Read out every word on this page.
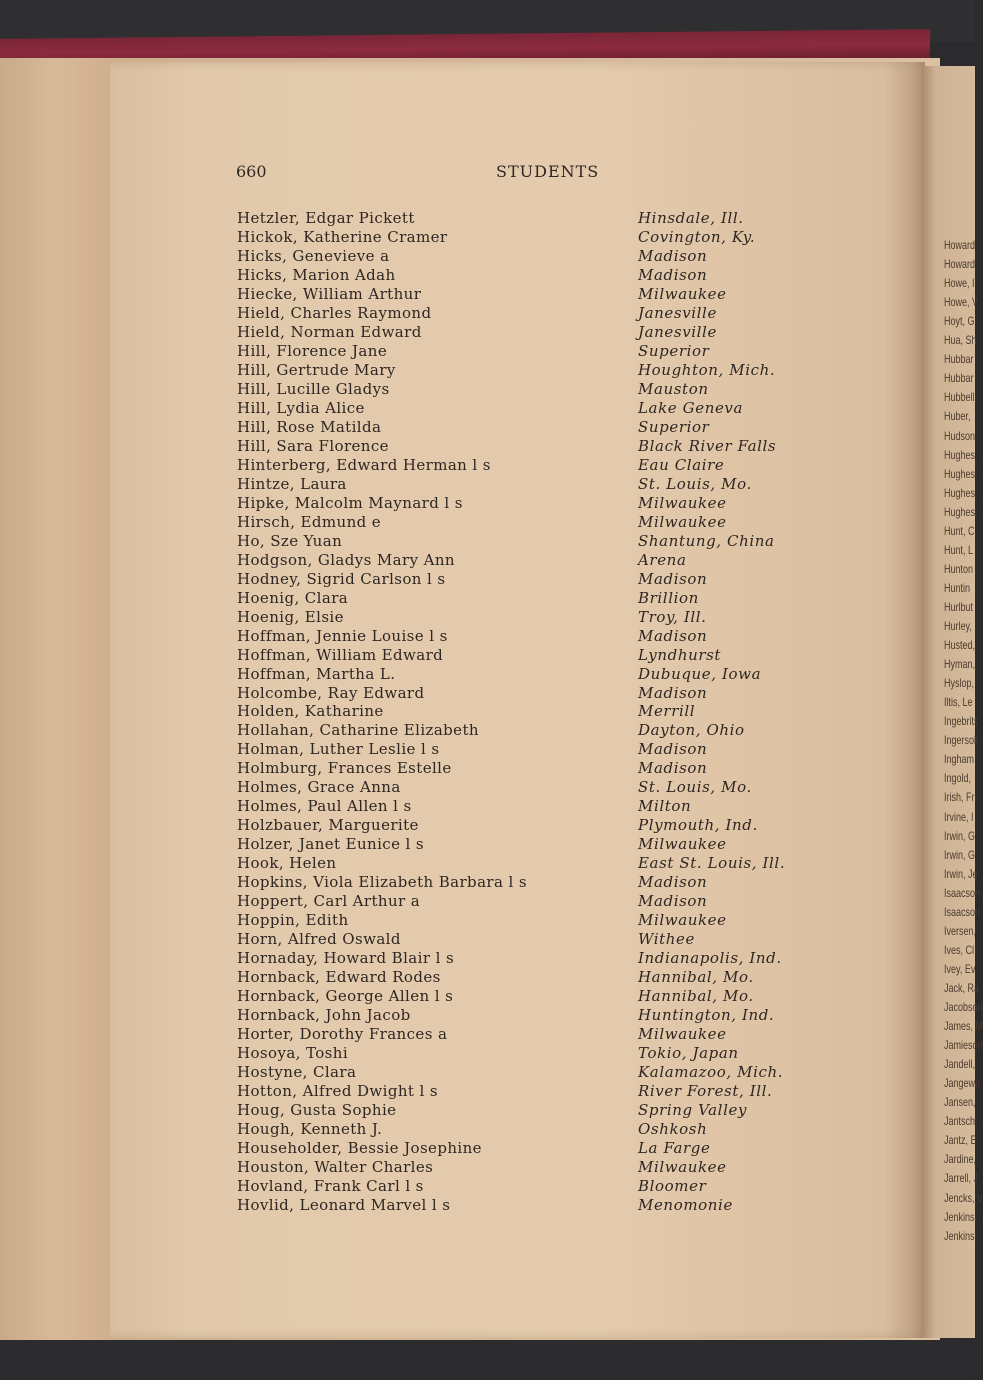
Howard
Howard
Howe, I
Howe, V
Hoyt, G
Hua, Sh
Hubbar
Hubbar
Hubbell
Huber,
Hudson
Hughes,
Hughes,
Hughes,
Hughes,
Hunt, C
Hunt, L
Hunton
Huntin
Hurlbut
Hurley,
Husted,
Hyman,
Hyslop,
Iltis, Le
Ingebrits
Ingersoll
Ingham
Ingold,
Irish, Fr
Irvine, I
Irwin, G
Irwin, G
Irwin, Je
Isaacson
Isaacson
Iversen,
Ives, Cl
Ivey, Ev
Jack, Ra
Jacobson
James, M
Jamieson
Jandell,
Jangewa
Jansen,
Jantsch,
Jantz, E
Jardine,
Jarrell, J
Jencks, V
Jenkins,
Jenkins,
660	STUDENTS
Hetzler, Edgar Pickett	Hinsdale, Ill.
Hickok, Katherine Cramer	Covington, Ky.
Hicks, Genevieve a	Madison
Hicks, Marion Adah	Madison
Hiecke, William Arthur	Milwaukee
Hield, Charles Raymond	Janesville
Hield, Norman Edward	Janesville
Hill, Florence Jane	Superior
Hill, Gertrude Mary	Houghton, Mich.
Hill, Lucille Gladys	Mauston
Hill, Lydia Alice	Lake Geneva
Hill, Rose Matilda	Superior
Hill, Sara Florence	Black River Falls
Hinterberg, Edward Herman l s	Eau Claire
Hintze, Laura	St. Louis, Mo.
Hipke, Malcolm Maynard l s	Milwaukee
Hirsch, Edmund e	Milwaukee
Ho, Sze Yuan	Shantung, China
Hodgson, Gladys Mary Ann	Arena
Hodney, Sigrid Carlson l s	Madison
Hoenig, Clara	Brillion
Hoenig, Elsie	Troy, Ill.
Hoffman, Jennie Louise l s	Madison
Hoffman, William Edward	Lyndhurst
Hoffman, Martha L.	Dubuque, Iowa
Holcombe, Ray Edward	Madison
Holden, Katharine	Merrill
Hollahan, Catharine Elizabeth	Dayton, Ohio
Holman, Luther Leslie l s	Madison
Holmburg, Frances Estelle	Madison
Holmes, Grace Anna	St. Louis, Mo.
Holmes, Paul Allen l s	Milton
Holzbauer, Marguerite	Plymouth, Ind.
Holzer, Janet Eunice l s	Milwaukee
Hook, Helen	East St. Louis, Ill.
Hopkins, Viola Elizabeth Barbara l s	Madison
Hoppert, Carl Arthur a	Madison
Hoppin, Edith	Milwaukee
Horn, Alfred Oswald	Withee
Hornaday, Howard Blair l s	Indianapolis, Ind.
Hornback, Edward Rodes	Hannibal, Mo.
Hornback, George Allen l s	Hannibal, Mo.
Hornback, John Jacob	Huntington, Ind.
Horter, Dorothy Frances a	Milwaukee
Hosoya, Toshi	Tokio, Japan
Hostyne, Clara	Kalamazoo, Mich.
Hotton, Alfred Dwight l s	River Forest, Ill.
Houg, Gusta Sophie	Spring Valley
Hough, Kenneth J.	Oshkosh
Householder, Bessie Josephine	La Farge
Houston, Walter Charles	Milwaukee
Hovland, Frank Carl l s	Bloomer
Hovlid, Leonard Marvel l s	Menomonie
